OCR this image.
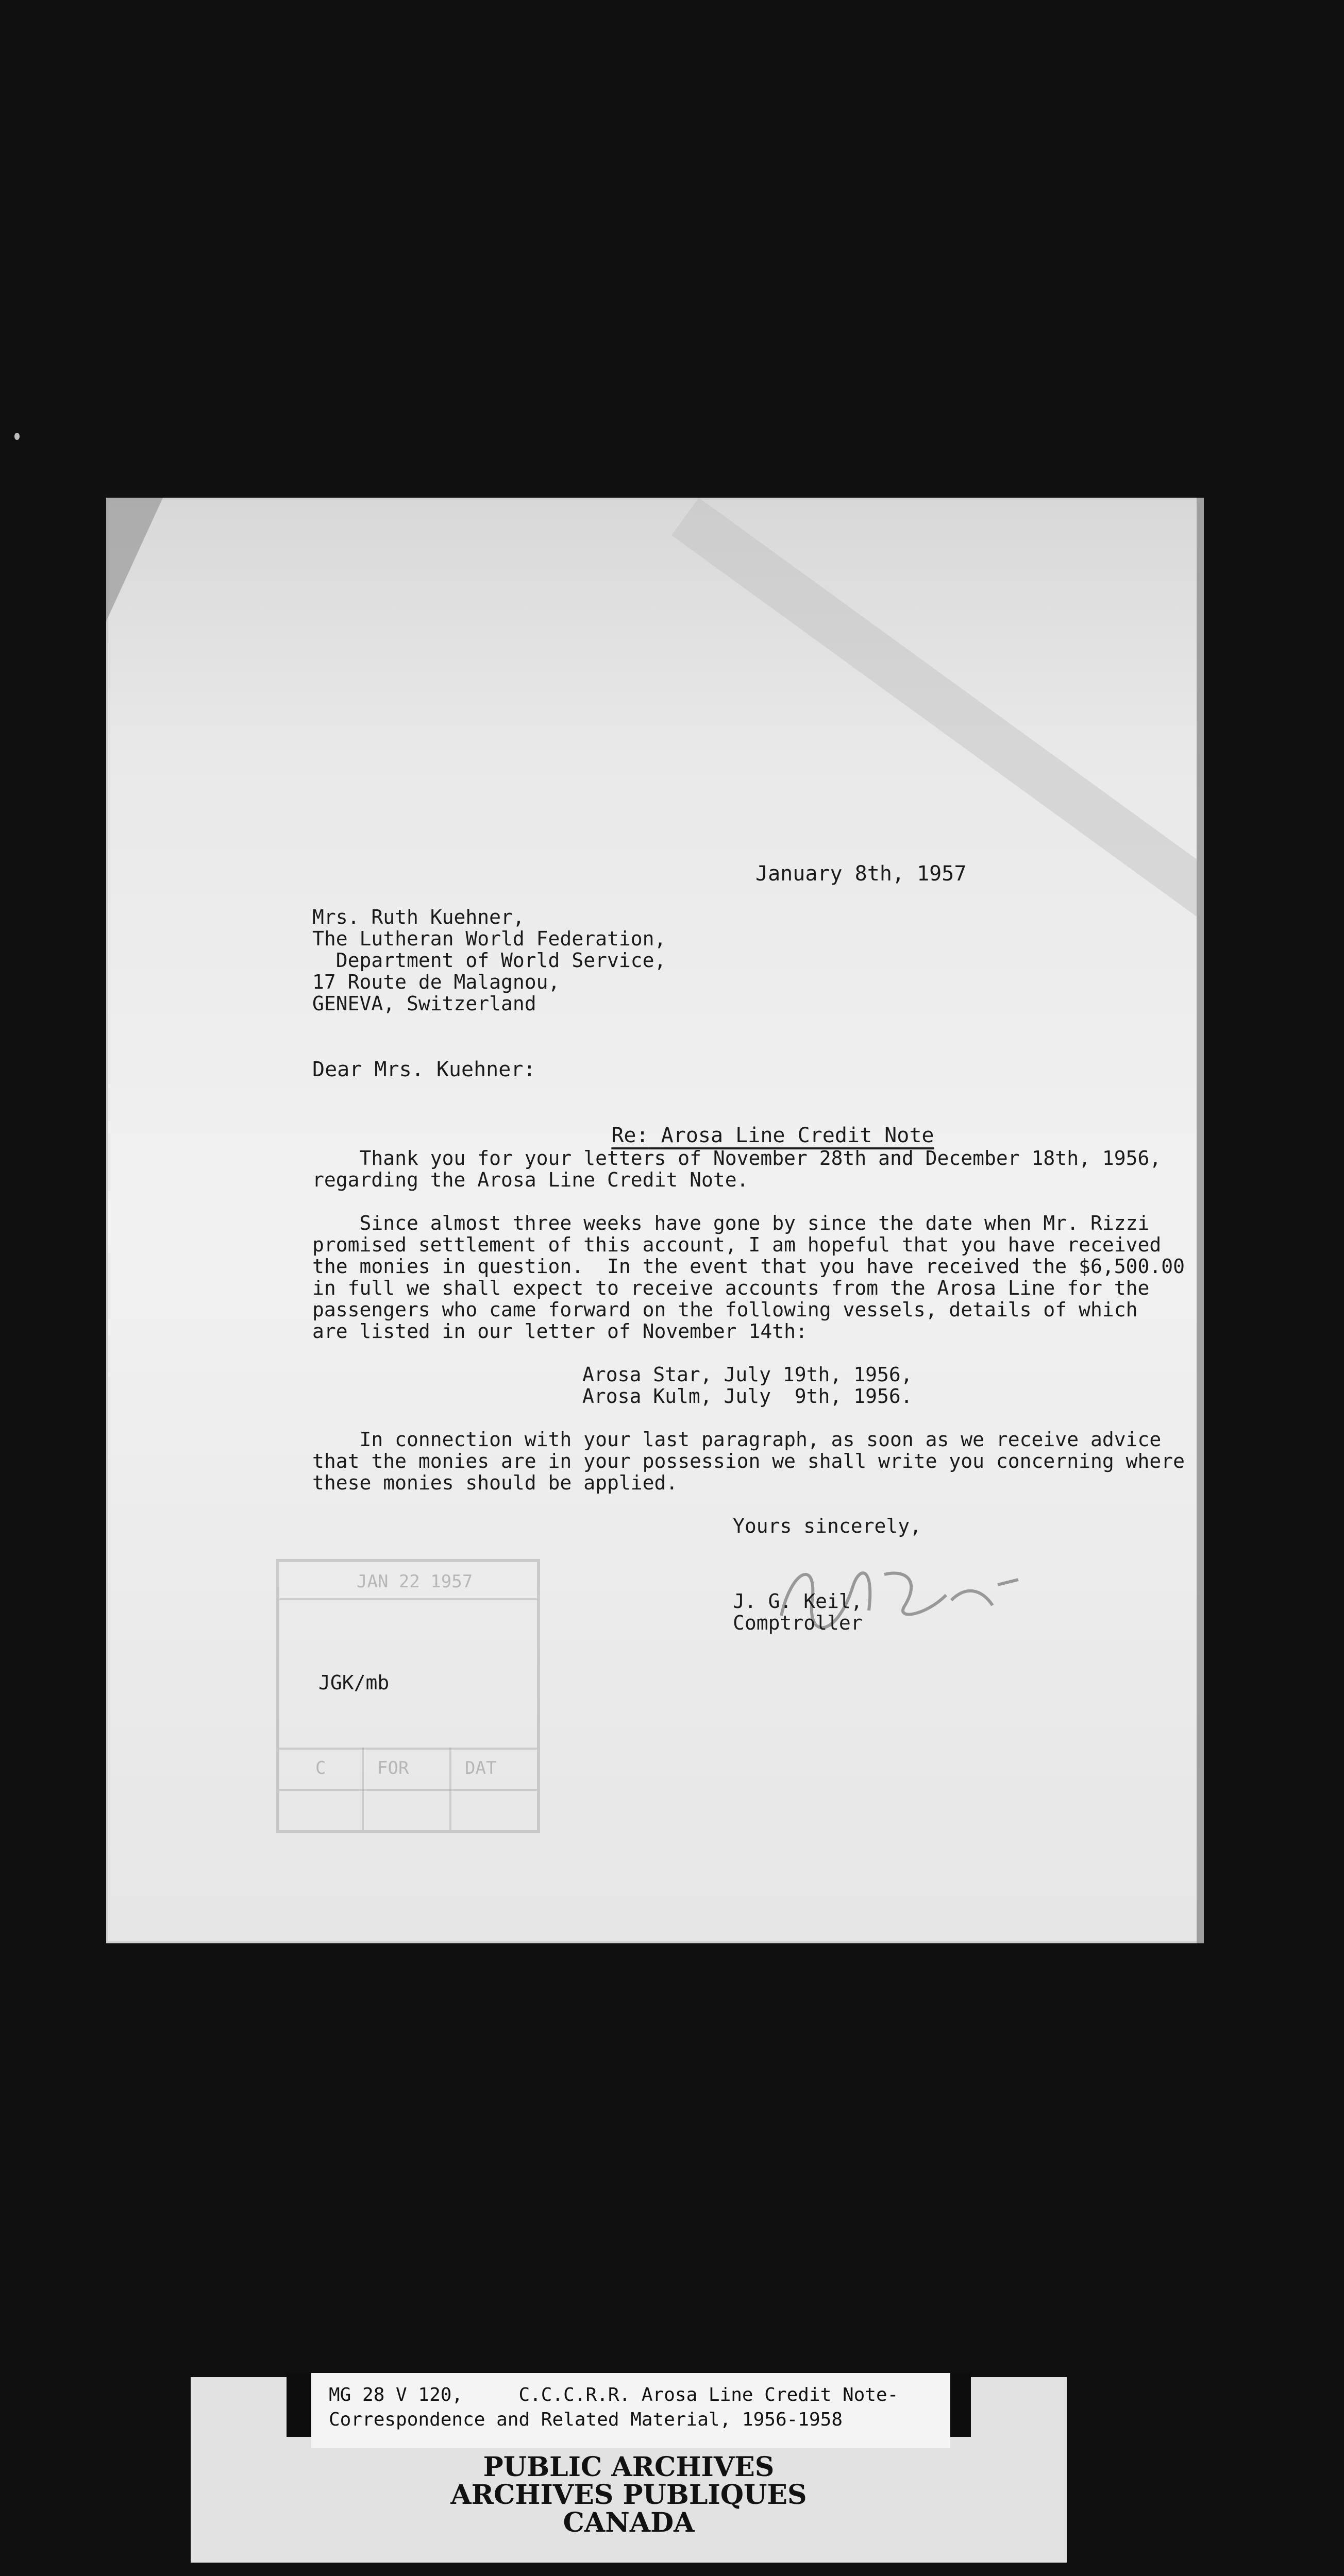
January 8th, 1957
Mrs. Ruth Kuehner,
The Lutheran World Federation,
Department of World Service,
17 Route de Malagnou,
GENEVA, Switzerland
Dear Mrs. Kuehner:

Re: Arosa Line Credit Note

Thank you for your letters of November 28th and December 18th, 1956,
regarding the Arosa Line Credit Note.
Since almost three weeks have gone by since the date when Mr. Rizzi
promised settlement of this account, I am hopeful that you have received
the monies in question.  In the event that you have received the $6,500.00
in full we shall expect to receive accounts from the Arosa Line for the
passengers who came forward on the following vessels, details of which
are listed in our letter of November 14th:
Arosa Star, July 19th, 1956,
Arosa Kulm, July  9th, 1956.
In connection with your last paragraph, as soon as we receive advice
that the monies are in your possession we shall write you concerning where
these monies should be applied.
Yours sincerely,
J. G. Keil,
Comptroller
JAN 22 1957
C	FOR	DAT
JGK/mb
PUBLIC ARCHIVES
ARCHIVES PUBLIQUES
CANADA
MG 28 V 120,     C.C.C.R.R. Arosa Line Credit Note-
Correspondence and Related Material, 1956-1958
